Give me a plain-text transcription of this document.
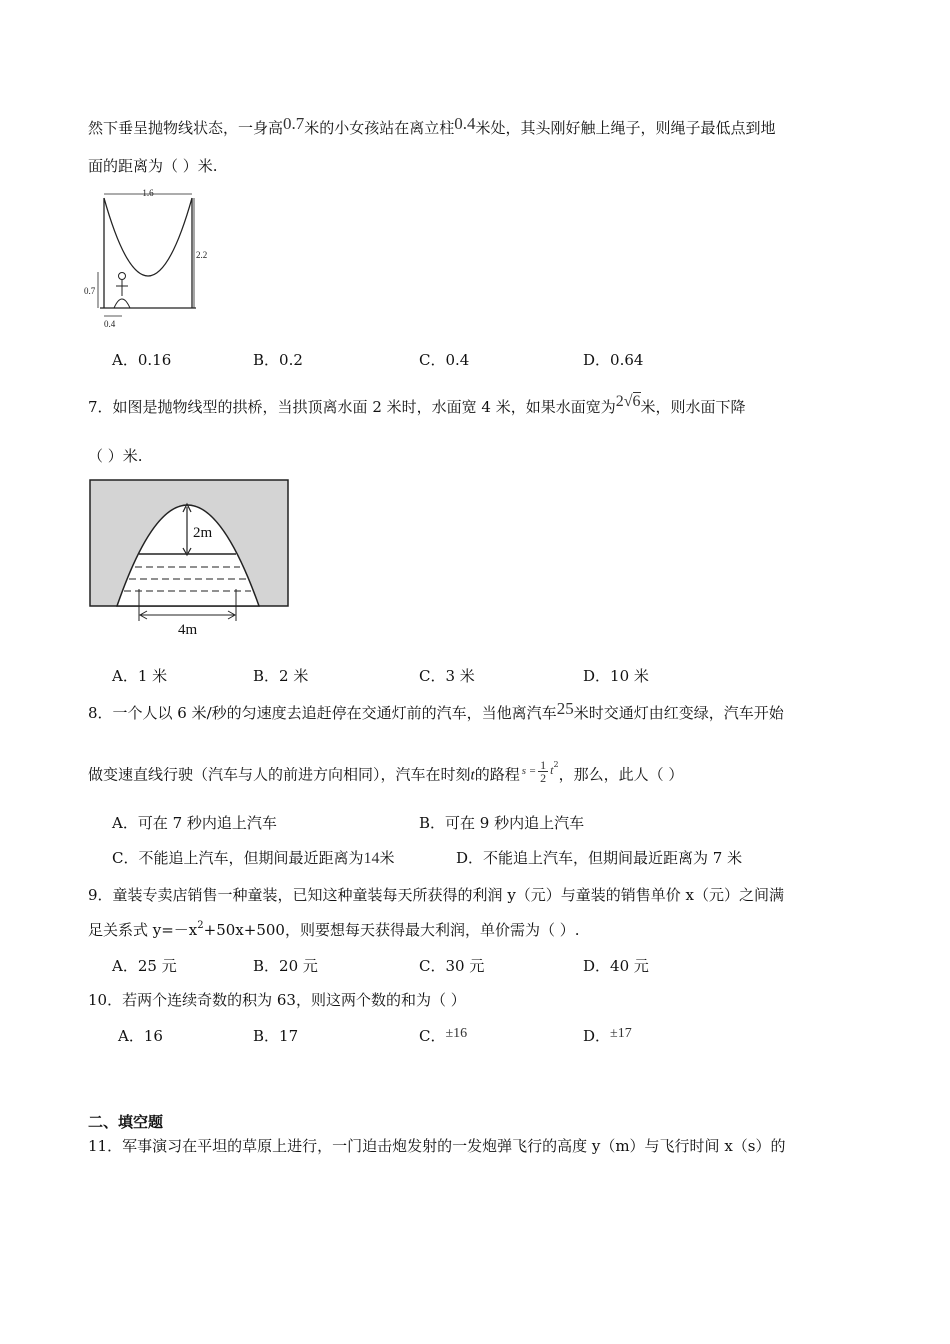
然下垂呈抛物线状态，一身高0.7米的小女孩站在离立柱0.4米处，其头刚好触上绳子，则绳子最低点到地
面的距离为（ ）米.
1.6
2.2
0.7
0.4
A．0.16	B．0.2	C．0.4	D．0.64
7．如图是抛物线型的拱桥，当拱顶离水面 2 米时，水面宽 4 米，如果水面宽为2√6米，则水面下降
（ ）米.
2m
4m
A．1 米	B．2 米	C．3 米	D．10 米
8．一个人以 6 米/秒的匀速度去追赶停在交通灯前的汽车，当他离汽车25米时交通灯由红变绿，汽车开始
做变速直线行驶（汽车与人的前进方向相同），汽车在时刻t的路程 $^{s =} \frac{1}{2} ^{t2}$，那么，此人（ ）
A．可在 7 秒内追上汽车	B．可在 9 秒内追上汽车
C．不能追上汽车，但期间最近距离为14米	D．不能追上汽车，但期间最近距离为 7 米
9．童装专卖店销售一种童装，已知这种童装每天所获得的利润 y（元）与童装的销售单价 x（元）之间满
足关系式 $y=-x^2+50x+500$，则要想每天获得最大利润，单价需为（ ）.
A．25 元	B．20 元	C．30 元	D．40 元
10．若两个连续奇数的积为 63，则这两个数的和为（ ）
A．16	B．17	C．±16	D．±17
二、填空题
11．军事演习在平坦的草原上进行，一门迫击炮发射的一发炮弹飞行的高度 y（m）与飞行时间 x（s）的
